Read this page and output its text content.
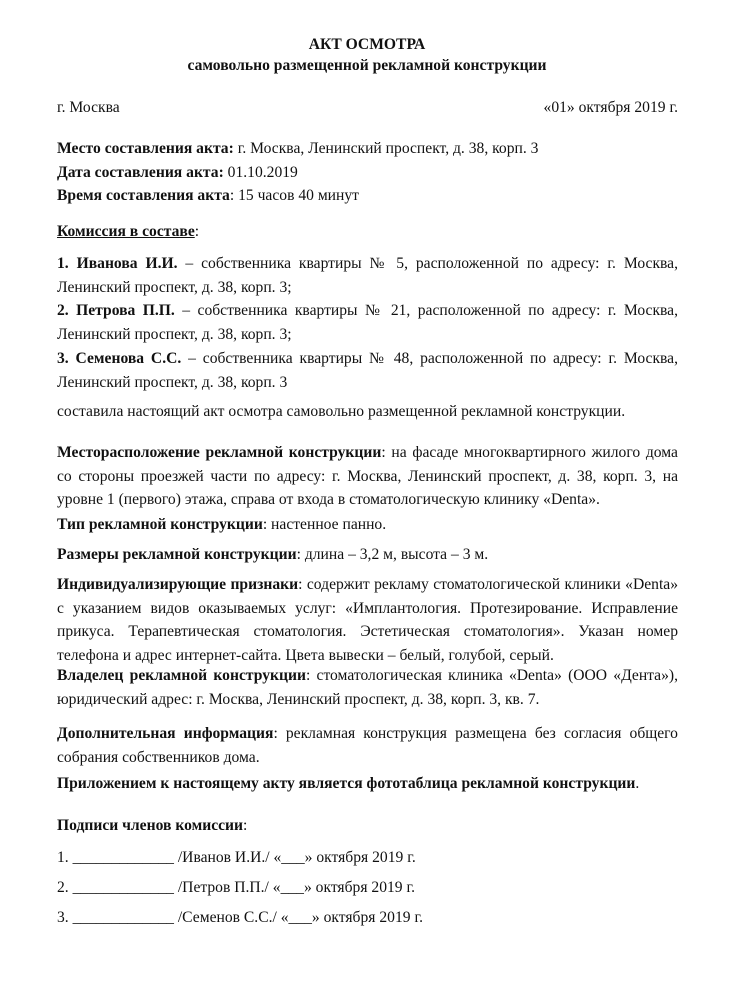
АКТ ОСМОТРА
самовольно размещенной рекламной конструкции
г. Москва	«01» октября 2019 г.

Место составления акта: г. Москва, Ленинский проспект, д. 38, корп. 3

Дата составления акта: 01.10.2019

Время составления акта: 15 часов 40 минут

Комиссия в составе:

1. Иванова И.И. – собственника квартиры № 5, расположенной по адресу: г. Москва, Ленинский проспект, д. 38, корп. 3;

2. Петрова П.П. – собственника квартиры № 21, расположенной по адресу: г. Москва, Ленинский проспект, д. 38, корп. 3;

3. Семенова С.С. – собственника квартиры № 48, расположенной по адресу: г. Москва, Ленинский проспект, д. 38, корп. 3

составила настоящий акт осмотра самовольно размещенной рекламной конструкции.

Месторасположение рекламной конструкции: на фасаде многоквартирного жилого дома со стороны проезжей части по адресу: г. Москва, Ленинский проспект, д. 38, корп. 3, на уровне 1 (первого) этажа, справа от входа в стоматологическую клинику «Denta».

Тип рекламной конструкции: настенное панно.

Размеры рекламной конструкции: длина – 3,2 м, высота – 3 м.

Индивидуализирующие признаки: содержит рекламу стоматологической клиники «Denta» с указанием видов оказываемых услуг: «Имплантология. Протезирование. Исправление прикуса. Терапевтическая стоматология. Эстетическая стоматология». Указан номер телефона и адрес интернет-сайта. Цвета вывески – белый, голубой, серый.

Владелец рекламной конструкции: стоматологическая клиника «Denta» (ООО «Дента»), юридический адрес: г. Москва, Ленинский проспект, д. 38, корп. 3, кв. 7.

Дополнительная информация: рекламная конструкция размещена без согласия общего собрания собственников дома.

Приложением к настоящему акту является фототаблица рекламной конструкции.

Подписи членов комиссии:

1. _____________ /Иванов И.И./ «___» октября 2019 г.

2. _____________ /Петров П.П./ «___» октября 2019 г.

3. _____________ /Семенов С.С./ «___» октября 2019 г.
